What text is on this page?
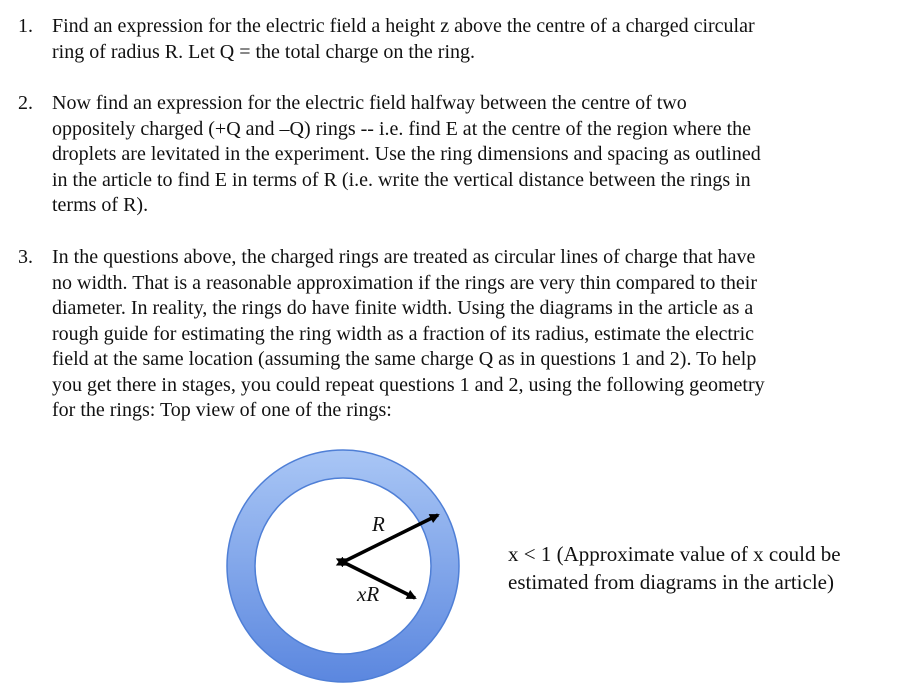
1. Find an expression for the electric field a height z above the centre of a charged circular
ring of radius R. Let Q = the total charge on the ring.
2. Now find an expression for the electric field halfway between the centre of two
oppositely charged (+Q and –Q) rings -- i.e. find E at the centre of the region where the
droplets are levitated in the experiment. Use the ring dimensions and spacing as outlined
in the article to find E in terms of R (i.e. write the vertical distance between the rings in
terms of R).
3. In the questions above, the charged rings are treated as circular lines of charge that have
no width. That is a reasonable approximation if the rings are very thin compared to their
diameter. In reality, the rings do have finite width. Using the diagrams in the article as a
rough guide for estimating the ring width as a fraction of its radius, estimate the electric
field at the same location (assuming the same charge Q as in questions 1 and 2). To help
you get there in stages, you could repeat questions 1 and 2, using the following geometry
for the rings: Top view of one of the rings:
R
xR
x < 1 (Approximate value of x could be
estimated from diagrams in the article)
